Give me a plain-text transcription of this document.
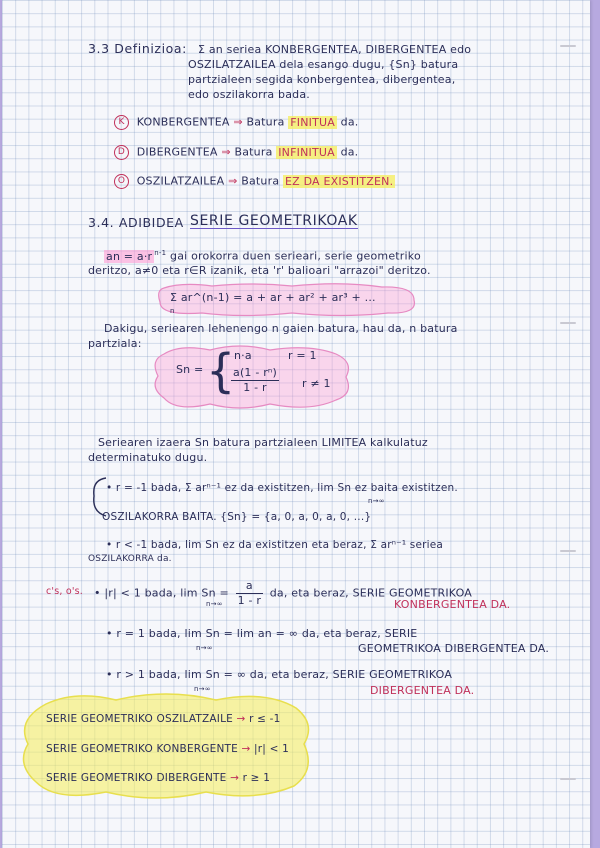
3.3 Definizioa: Σ an seriea KONBERGENTEA, DIBERGENTEA edo
OSZILATZAILEA dela esango dugu, {Sn} batura
partzialeen segida konbergentea, dibergentea,
edo oszilakorra bada.
K KONBERGENTEA ⇒ Batura FINITUA da.
D DIBERGENTEA ⇒ Batura INFINITUA da.
O OSZILATZAILEA ⇒ Batura EZ DA EXISTITZEN.
3.4. ADIBIDEA SERIE GEOMETRIKOAK
an = a·r $^{n-1}$ gai orokorra duen serieari, serie geometriko
deritzo, a≠0 eta r∈R izanik, eta 'r' balioari "arrazoi" deritzo.
Σ ar^(n-1) = a + ar + ar² + ar³ + ...
n
Dakigu, seriearen lehenengo n gaien batura, hau da, n batura
partziala:
Sn = {
n·a	r = 1
$\frac{\text{a(1 - rⁿ)}}{1 - r}$ r ≠ 1
Seriearen izaera Sn batura partzialeen LIMITEA kalkulatuz
determinatuko dugu.
• r = -1 bada, Σ arⁿ⁻¹ ez da existitzen, lim Sn ez baita existitzen.
n→∞
OSZILAKORRA BAITA. {Sn} = {a, 0, a, 0, a, 0, ...}
• r < -1 bada, lim Sn ez da existitzen eta beraz, Σ arⁿ⁻¹ seriea
OSZILAKORRA da.
c's, o's. • |r| < 1 bada, $\lim Sn = \frac{a}{1 - r}$ da, eta beraz, SERIE GEOMETRIKOA
n→∞	KONBERGENTEA DA.
• r = 1 bada, lim Sn = lim an = ∞ da, eta beraz, SERIE
n→∞	GEOMETRIKOA DIBERGENTEA DA.
• r > 1 bada, lim Sn = ∞ da, eta beraz, SERIE GEOMETRIKOA
n→∞	DIBERGENTEA DA.
SERIE GEOMETRIKO OSZILATZAILE → r ≤ -1
SERIE GEOMETRIKO KONBERGENTE → |r| < 1
SERIE GEOMETRIKO DIBERGENTE → r ≥ 1
